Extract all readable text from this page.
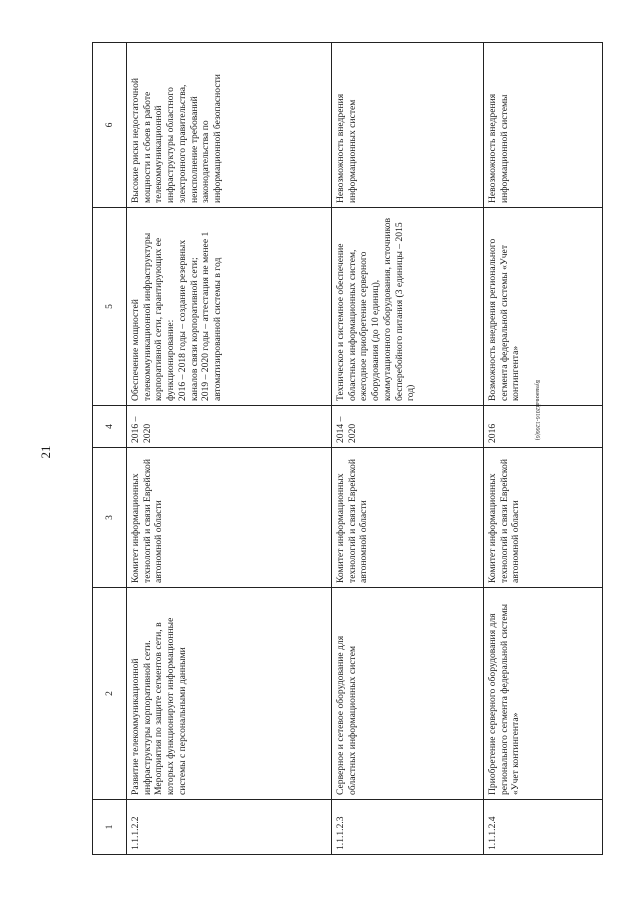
21
Бумажный2016-1266(6)
1	2	3	4	5	6
1.1.1.2.2	Развитие телекоммуникационной инфраструктуры корпоративной сети. Мероприятия по защите сегментов сети, в которых функционируют информационные системы с персональными данными	Комитет информационных технологий и связи Еврейской автономной области	2016 – 2020	Обеспечение мощностей телекоммуникационной инфраструктуры корпоративной сети, гарантирующих ее функционирование:
2016 – 2018 годы – создание резервных каналов связи корпоративной сети;
2019 – 2020 годы – аттестация не менее 1 автоматизированной системы в год	Высокие риски недостаточной мощности и сбоев в работе телекоммуникационной инфраструктуры областного электронного правительства, неисполнение требований законодательства по информационной безопасности
1.1.1.2.3	Серверное и сетевое оборудование для областных информационных систем	Комитет информационных технологий и связи Еврейской автономной области	2014 – 2020	Техническое и системное обеспечение областных информационных систем, ежегодное приобретение серверного оборудования (до 10 единиц), коммутационного оборудования, источников бесперебойного питания (3 единицы – 2015 год)	Невозможность внедрения информационных систем
1.1.1.2.4	Приобретение серверного оборудования для регионального сегмента федеральной системы «Учет контингента»	Комитет информационных технологий и связи Еврейской автономной области	2016	Возможность внедрения регионального сегмента федеральной системы «Учет контингента»	Невозможность внедрения информационной системы
